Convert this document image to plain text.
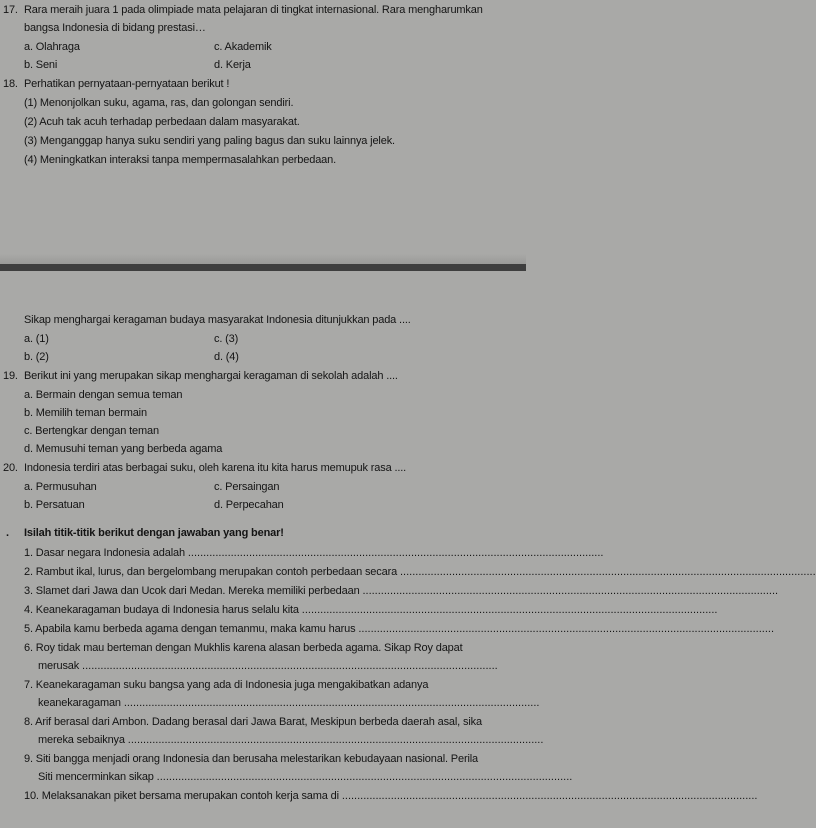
17. Rara meraih juara 1 pada olimpiade mata pelajaran di tingkat internasional. Rara mengharumkan
bangsa Indonesia di bidang prestasi…
a. Olahraga	c. Akademik
b. Seni	d. Kerja
18. Perhatikan pernyataan-pernyataan berikut !
(1) Menonjolkan suku, agama, ras, dan golongan sendiri.
(2) Acuh tak acuh terhadap perbedaan dalam masyarakat.
(3) Menganggap hanya suku sendiri yang paling bagus dan suku lainnya jelek.
(4) Meningkatkan interaksi tanpa mempermasalahkan perbedaan.
Sikap menghargai keragaman budaya masyarakat Indonesia ditunjukkan pada ....
a. (1)	c. (3)
b. (2)	d. (4)
19. Berikut ini yang merupakan sikap menghargai keragaman di sekolah adalah ....
a. Bermain dengan semua teman
b. Memilih teman bermain
c. Bertengkar dengan teman
d. Memusuhi teman yang berbeda agama
20. Indonesia terdiri atas berbagai suku, oleh karena itu kita harus memupuk rasa ....
a. Permusuhan	c. Persaingan
b. Persatuan	d. Perpecahan
. Isilah titik-titik berikut dengan jawaban yang benar!
1. Dasar negara Indonesia adalah ........................................................................................................................................
2. Rambut ikal, lurus, dan bergelombang merupakan contoh perbedaan secara ........................................................................................................................................
3. Slamet dari Jawa dan Ucok dari Medan. Mereka memiliki perbedaan ........................................................................................................................................
4. Keanekaragaman budaya di Indonesia harus selalu kita ........................................................................................................................................
5. Apabila kamu berbeda agama dengan temanmu, maka kamu harus ........................................................................................................................................
6. Roy tidak mau berteman dengan Mukhlis karena alasan berbeda agama. Sikap Roy dapat
merusak ........................................................................................................................................
7. Keanekaragaman suku bangsa yang ada di Indonesia juga mengakibatkan adanya
keanekaragaman ........................................................................................................................................
8. Arif berasal dari Ambon. Dadang berasal dari Jawa Barat, Meskipun berbeda daerah asal, sika
mereka sebaiknya ........................................................................................................................................
9. Siti bangga menjadi orang Indonesia dan berusaha melestarikan kebudayaan nasional. Perila
Siti mencerminkan sikap ........................................................................................................................................
10. Melaksanakan piket bersama merupakan contoh kerja sama di ........................................................................................................................................
